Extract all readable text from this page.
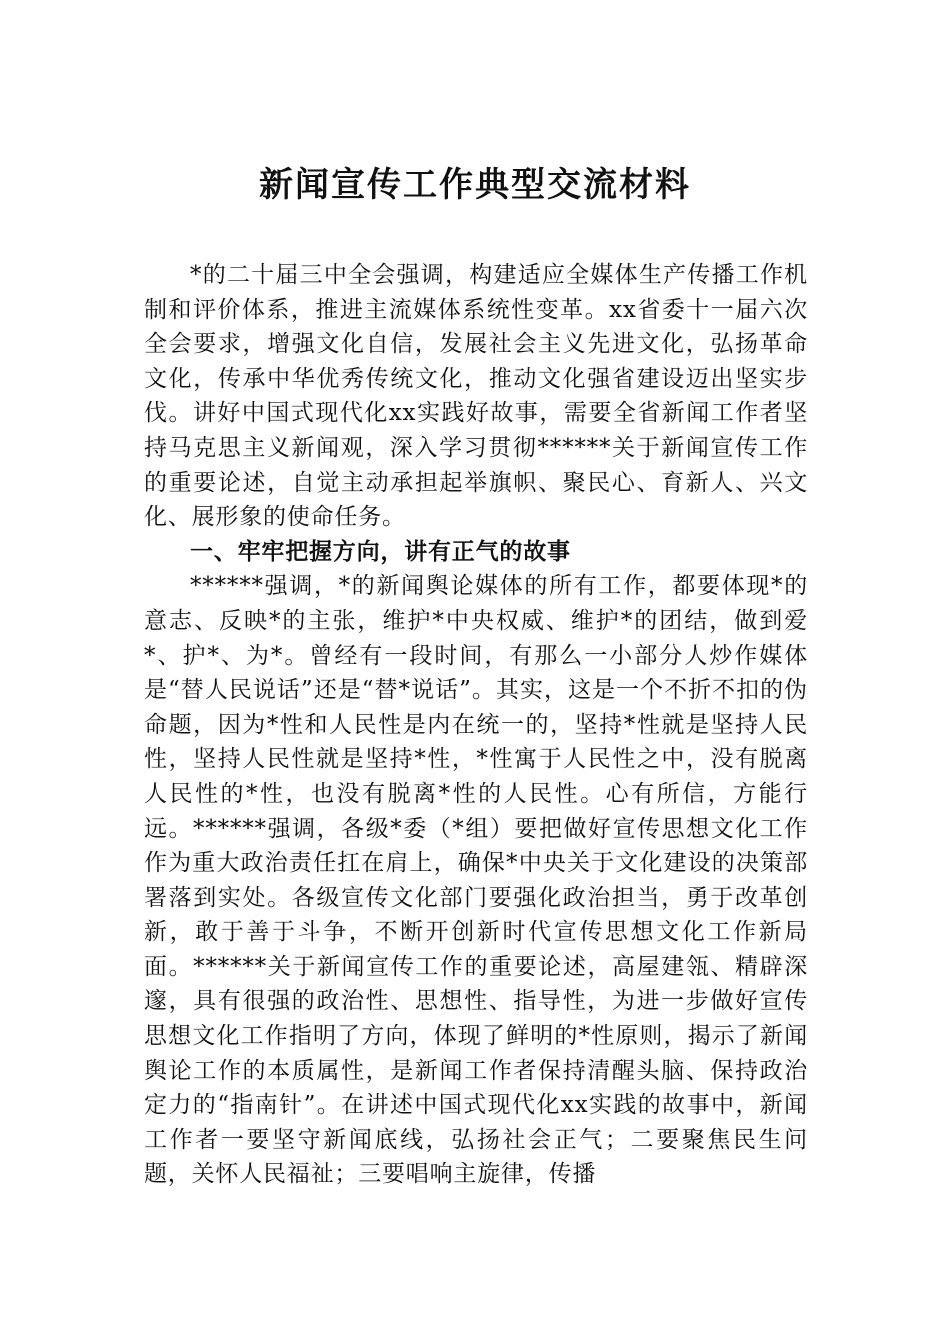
新闻宣传工作典型交流材料

*的二十届三中全会强调，构建适应全媒体生产传播工作机制和评价体系，推进主流媒体系统性变革。xx省委十一届六次全会要求，增强文化自信，发展社会主义先进文化，弘扬革命文化，传承中华优秀传统文化，推动文化强省建设迈出坚实步伐。讲好中国式现代化xx实践好故事，需要全省新闻工作者坚持马克思主义新闻观，深入学习贯彻******关于新闻宣传工作的重要论述，自觉主动承担起举旗帜、聚民心、育新人、兴文化、展形象的使命任务。

一、牢牢把握方向，讲有正气的故事

******强调，*的新闻舆论媒体的所有工作，都要体现*的意志、反映*的主张，维护*中央权威、维护*的团结，做到爱*、护*、为*。曾经有一段时间，有那么一小部分人炒作媒体是“替人民说话”还是“替*说话”。其实，这是一个不折不扣的伪命题，因为*性和人民性是内在统一的，坚持*性就是坚持人民性，坚持人民性就是坚持*性，*性寓于人民性之中，没有脱离人民性的*性，也没有脱离*性的人民性。心有所信，方能行远。******强调，各级*委（*组）要把做好宣传思想文化工作作为重大政治责任扛在肩上，确保*中央关于文化建设的决策部署落到实处。各级宣传文化部门要强化政治担当，勇于改革创新，敢于善于斗争，不断开创新时代宣传思想文化工作新局面。******关于新闻宣传工作的重要论述，高屋建瓴、精辟深邃，具有很强的政治性、思想性、指导性，为进一步做好宣传思想文化工作指明了方向，体现了鲜明的*性原则，揭示了新闻舆论工作的本质属性，是新闻工作者保持清醒头脑、保持政治定力的“指南针”。在讲述中国式现代化xx实践的故事中，新闻工作者一要坚守新闻底线，弘扬社会正气；二要聚焦民生问题，关怀人民福祉；三要唱响主旋律，传播
